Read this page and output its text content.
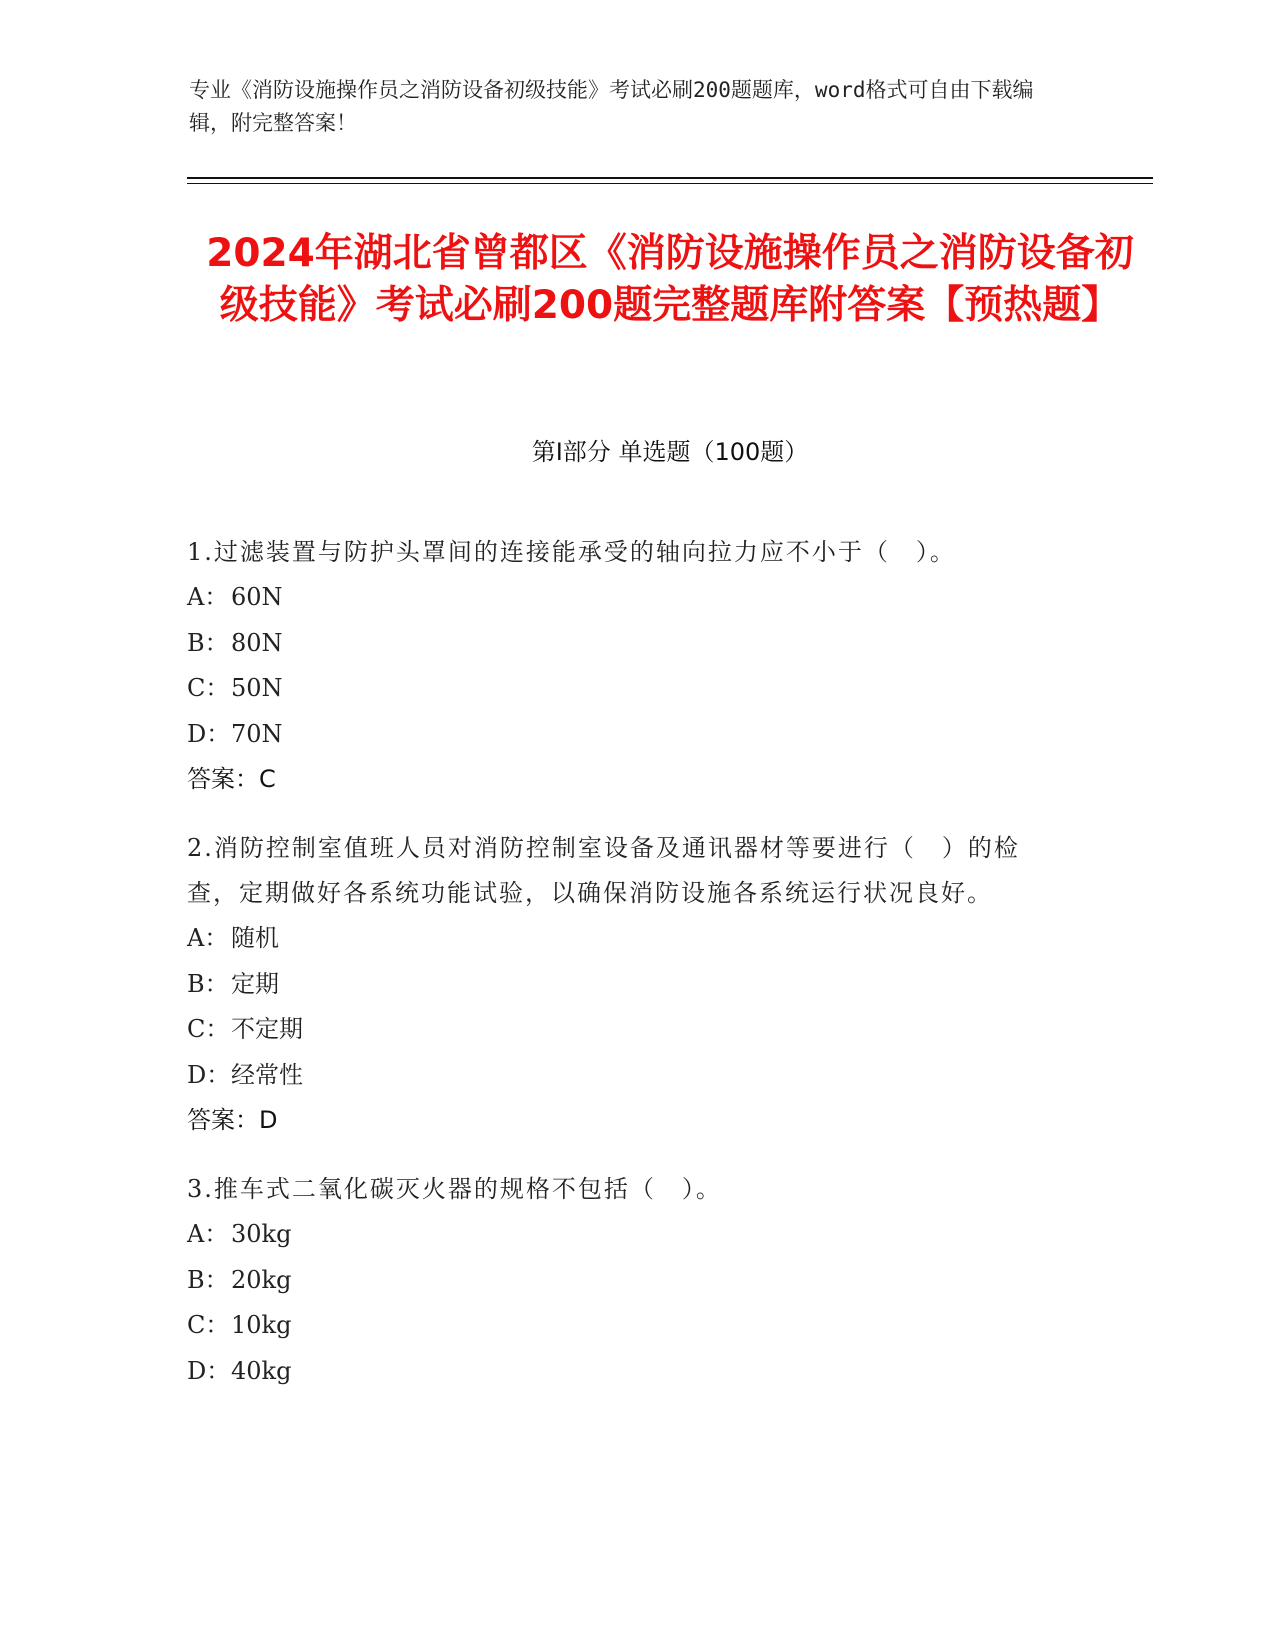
专业《消防设施操作员之消防设备初级技能》考试必刷200题题库，word格式可自由下载编辑，附完整答案！
2024年湖北省曾都区《消防设施操作员之消防设备初级技能》考试必刷200题完整题库附答案【预热题】
第Ⅰ部分 单选题（100题）

1.过滤装置与防护头罩间的连接能承受的轴向拉力应不小于（　）。

A： 60N
B： 80N
C： 50N
D： 70N
答案：C

2.消防控制室值班人员对消防控制室设备及通讯器材等要进行（　）的检查，定期做好各系统功能试验，以确保消防设施各系统运行状况良好。

A： 随机
B： 定期
C： 不定期
D： 经常性
答案：D

3.推车式二氧化碳灭火器的规格不包括（　）。

A： 30kg
B： 20kg
C： 10kg
D： 40kg
